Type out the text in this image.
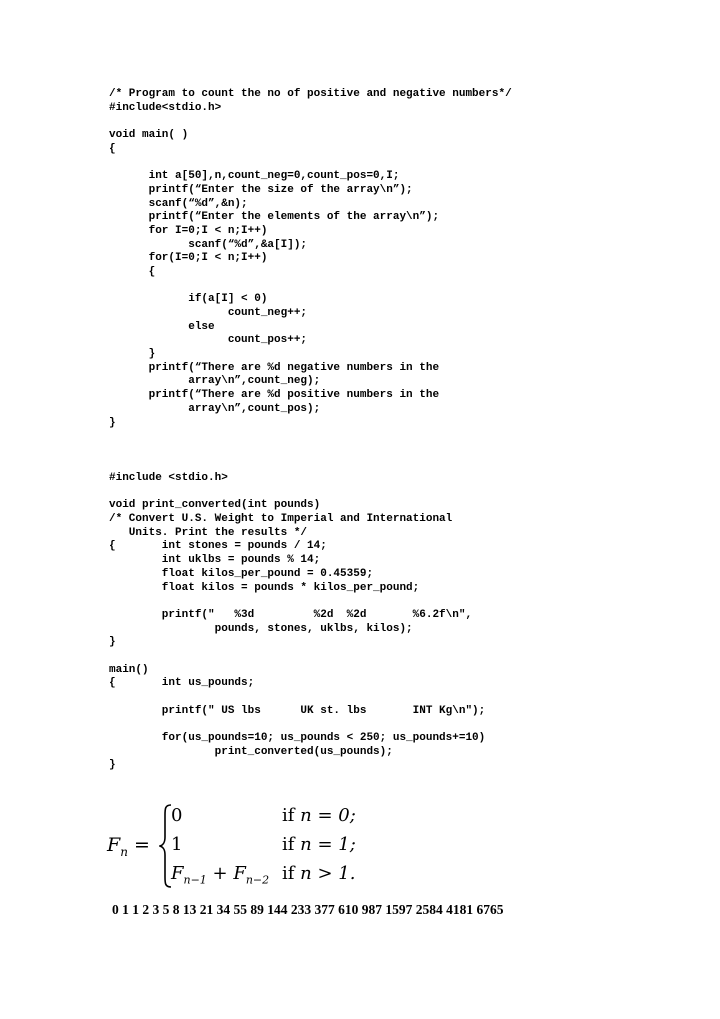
/* Program to count the no of positive and negative numbers*/
#include<stdio.h>
void main( )
{
int a[50],n,count_neg=0,count_pos=0,I;
printf(“Enter the size of the array\n”);
scanf(“%d”,&n);
printf(“Enter the elements of the array\n”);
for I=0;I < n;I++)
scanf(“%d”,&a[I]);
for(I=0;I < n;I++)
{
if(a[I] < 0)
count_neg++;
else
count_pos++;
}
printf(“There are %d negative numbers in the
array\n”,count_neg);
printf(“There are %d positive numbers in the
array\n”,count_pos);
}
#include <stdio.h>
void print_converted(int pounds)
/* Convert U.S. Weight to Imperial and International
Units. Print the results */
{       int stones = pounds / 14;
int uklbs = pounds % 14;
float kilos_per_pound = 0.45359;
float kilos = pounds * kilos_per_pound;
printf("   %3d         %2d  %2d       %6.2f\n",
pounds, stones, uklbs, kilos);
}
main()
{       int us_pounds;
printf(" US lbs      UK st. lbs       INT Kg\n");
for(us_pounds=10; us_pounds < 250; us_pounds+=10)
print_converted(us_pounds);
}
$F_n$ =
0	if n = 0;
1	if n = 1;
$F_{n-1} + F_{n-2}$ if n > 1.
0 1 1 2 3 5 8 13 21 34 55 89 144 233 377 610 987 1597 2584 4181 6765
